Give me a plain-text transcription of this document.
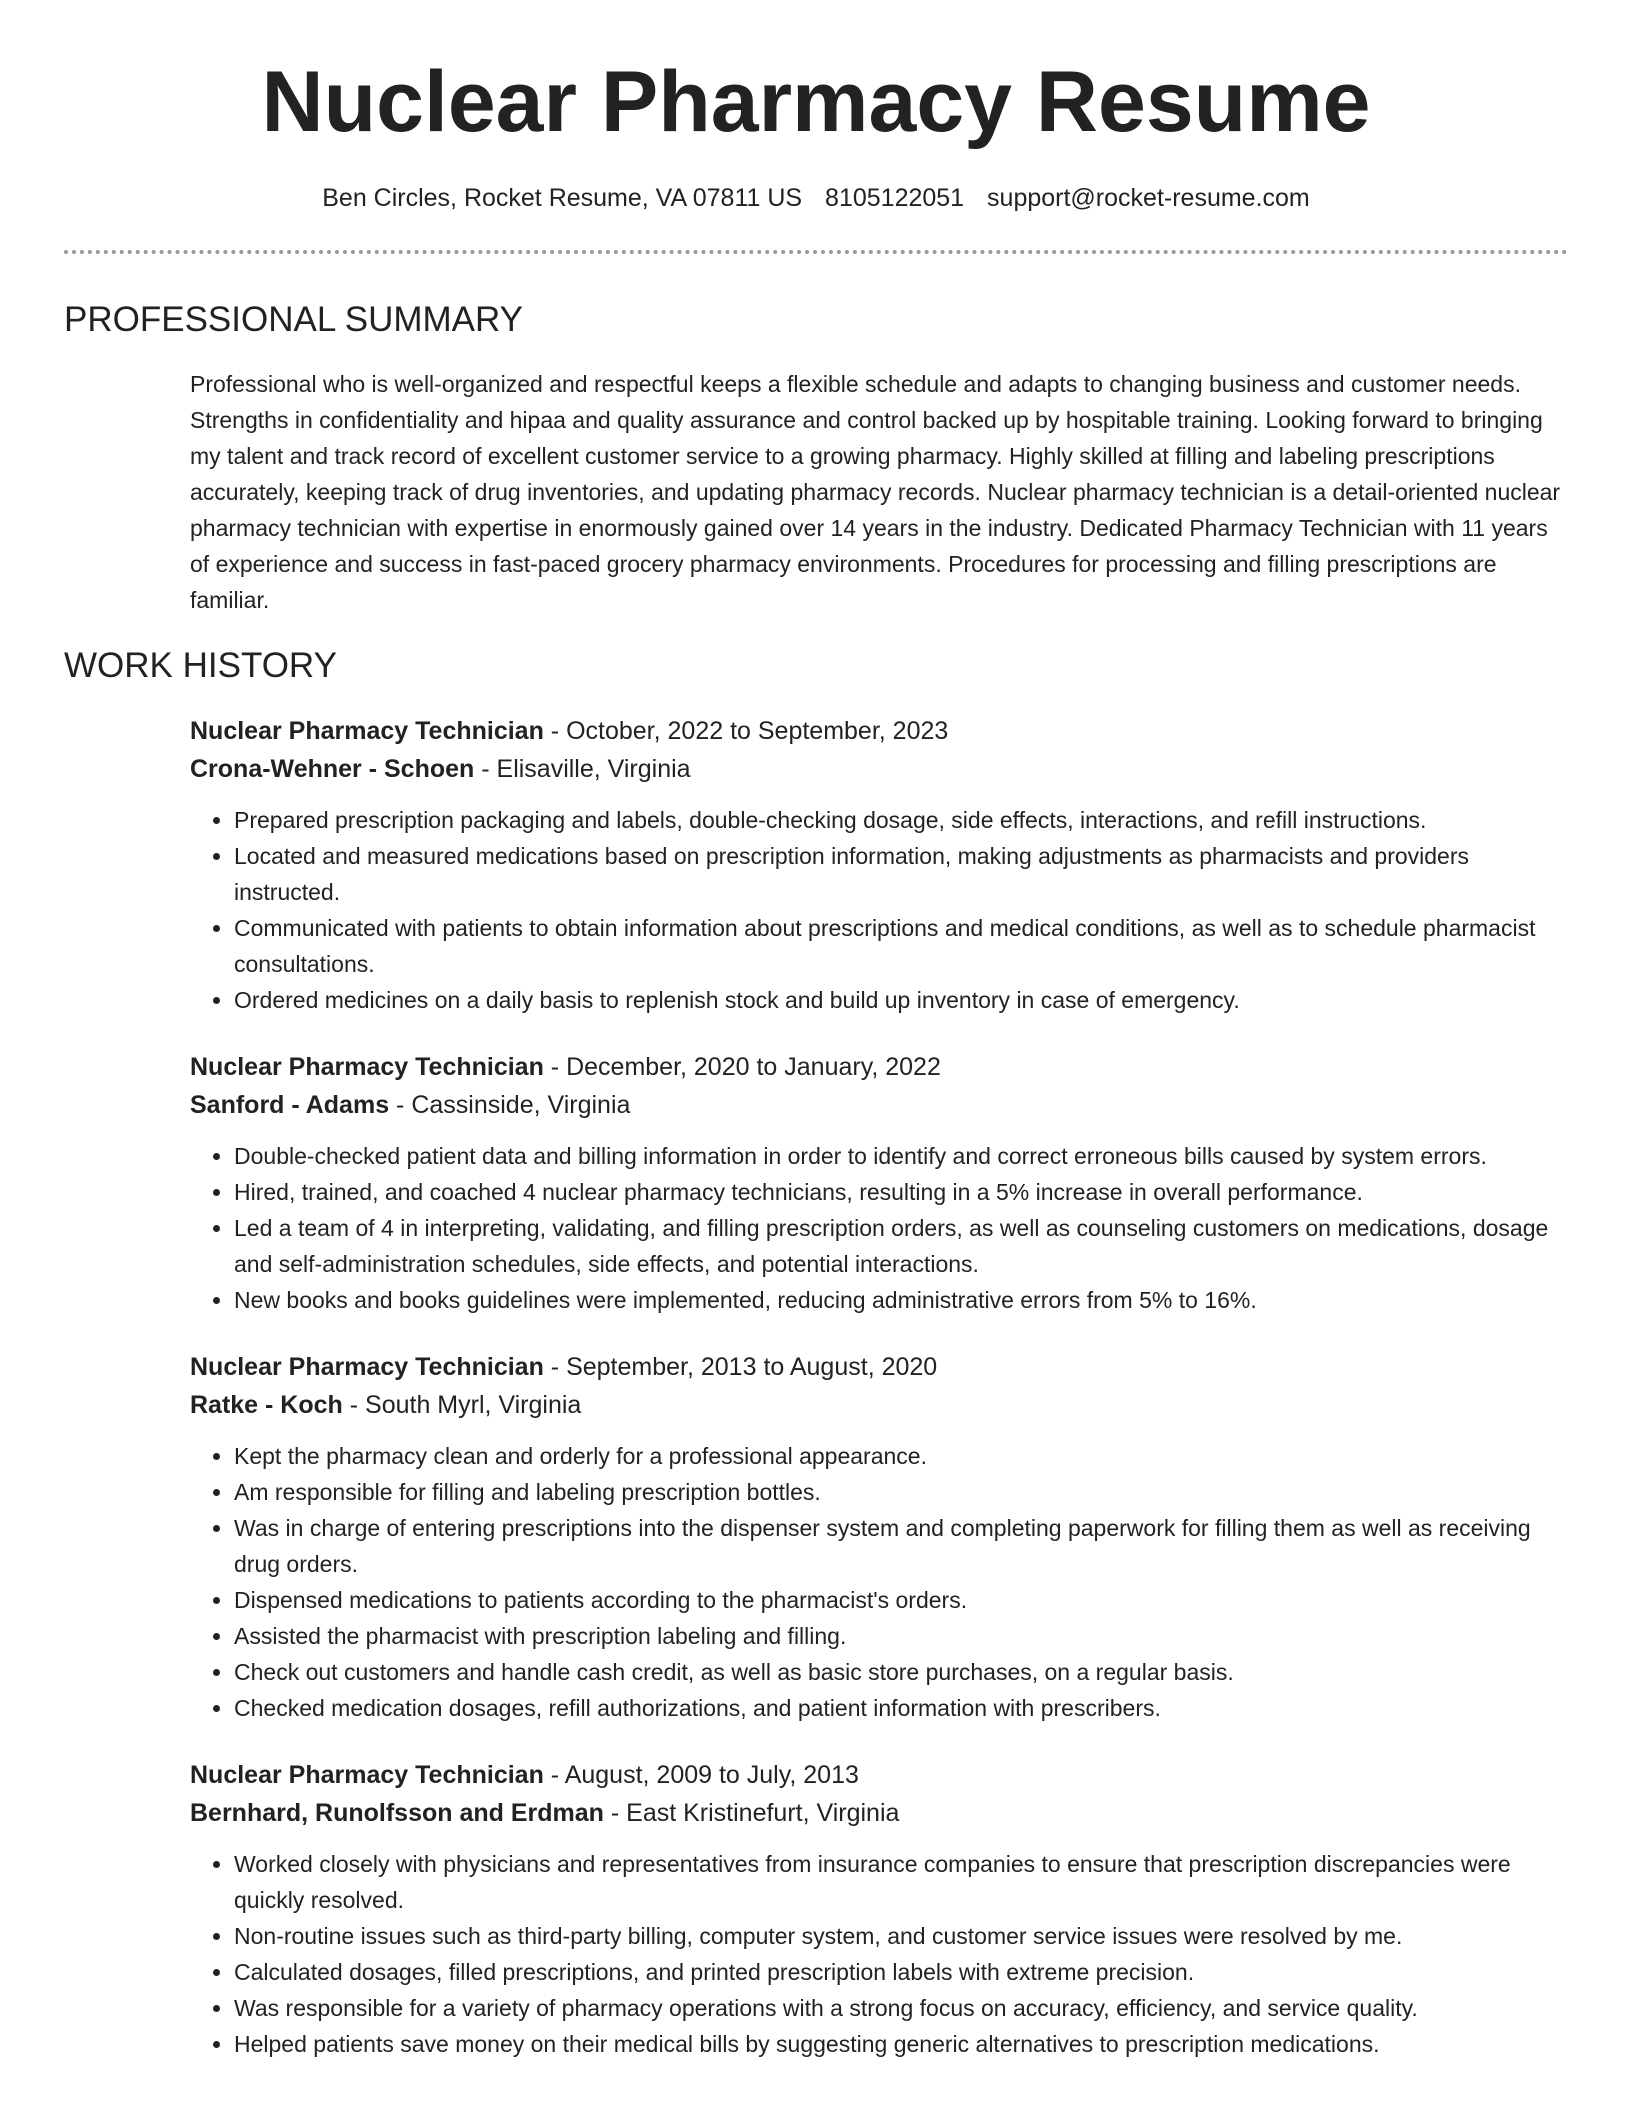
Nuclear Pharmacy Resume
Ben Circles, Rocket Resume, VA 07811 US 8105122051 support@rocket-resume.com
PROFESSIONAL SUMMARY

Professional who is well-organized and respectful keeps a flexible schedule and adapts to changing business and customer needs. Strengths in confidentiality and hipaa and quality assurance and control backed up by hospitable training. Looking forward to bringing my talent and track record of excellent customer service to a growing pharmacy. Highly skilled at filling and labeling prescriptions accurately, keeping track of drug inventories, and updating pharmacy records. Nuclear pharmacy technician is a detail-oriented nuclear pharmacy technician with expertise in enormously gained over 14 years in the industry. Dedicated Pharmacy Technician with 11 years of experience and success in fast-paced grocery pharmacy environments. Procedures for processing and filling prescriptions are familiar.

WORK HISTORY
Nuclear Pharmacy Technician - October, 2022 to September, 2023
Crona-Wehner - Schoen - Elisaville, Virginia
• Prepared prescription packaging and labels, double-checking dosage, side effects, interactions, and refill instructions.
• Located and measured medications based on prescription information, making adjustments as pharmacists and providers instructed.
• Communicated with patients to obtain information about prescriptions and medical conditions, as well as to schedule pharmacist consultations.
• Ordered medicines on a daily basis to replenish stock and build up inventory in case of emergency.
Nuclear Pharmacy Technician - December, 2020 to January, 2022
Sanford - Adams - Cassinside, Virginia
• Double-checked patient data and billing information in order to identify and correct erroneous bills caused by system errors.
• Hired, trained, and coached 4 nuclear pharmacy technicians, resulting in a 5% increase in overall performance.
• Led a team of 4 in interpreting, validating, and filling prescription orders, as well as counseling customers on medications, dosage and self-administration schedules, side effects, and potential interactions.
• New books and books guidelines were implemented, reducing administrative errors from 5% to 16%.
Nuclear Pharmacy Technician - September, 2013 to August, 2020
Ratke - Koch - South Myrl, Virginia
• Kept the pharmacy clean and orderly for a professional appearance.
• Am responsible for filling and labeling prescription bottles.
• Was in charge of entering prescriptions into the dispenser system and completing paperwork for filling them as well as receiving drug orders.
• Dispensed medications to patients according to the pharmacist's orders.
• Assisted the pharmacist with prescription labeling and filling.
• Check out customers and handle cash credit, as well as basic store purchases, on a regular basis.
• Checked medication dosages, refill authorizations, and patient information with prescribers.
Nuclear Pharmacy Technician - August, 2009 to July, 2013
Bernhard, Runolfsson and Erdman - East Kristinefurt, Virginia
• Worked closely with physicians and representatives from insurance companies to ensure that prescription discrepancies were quickly resolved.
• Non-routine issues such as third-party billing, computer system, and customer service issues were resolved by me.
• Calculated dosages, filled prescriptions, and printed prescription labels with extreme precision.
• Was responsible for a variety of pharmacy operations with a strong focus on accuracy, efficiency, and service quality.
• Helped patients save money on their medical bills by suggesting generic alternatives to prescription medications.
